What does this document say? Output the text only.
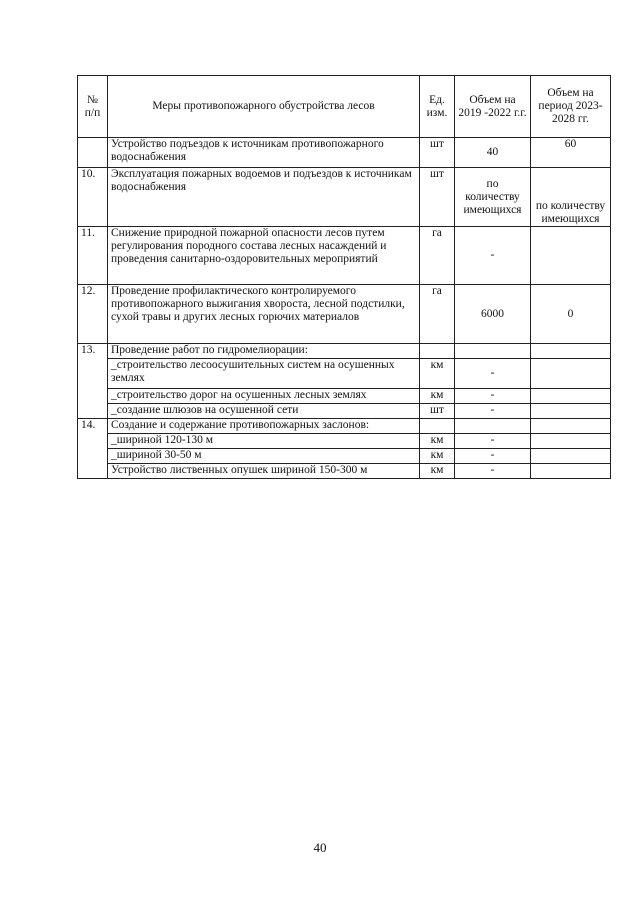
№ п/п	Меры противопожарного обустройства лесов	Ед. изм.	Объем на 2019 -2022 г.г.	Объем на период 2023-2028 гг.
	Устройство подъездов к источникам противопожарного водоснабжения	шт	40	60
10.	Эксплуатация пожарных водоемов и подъездов к источникам водоснабжения	шт	по количеству имеющихся	по количеству имеющихся
11.	Снижение природной пожарной опасности лесов путем регулирования породного состава лесных насаждений и проведения санитарно-оздоровительных мероприятий	га	-	
12.	Проведение профилактического контролируемого противопожарного выжигания хвороста, лесной подстилки, сухой травы и других лесных горючих материалов	га	6000	0
13.	Проведение работ по гидромелиорации:			
	_строительство лесоосушительных систем на осушенных землях	км	-	
	_строительство дорог на осушенных лесных землях	км	-	
	_создание шлюзов на осушенной сети	шт	-	
14.	Создание и содержание противопожарных заслонов:			
	_шириной 120-130 м	км	-	
	_шириной 30-50 м	км	-	
	Устройство лиственных опушек шириной 150-300 м	км	-	
40
